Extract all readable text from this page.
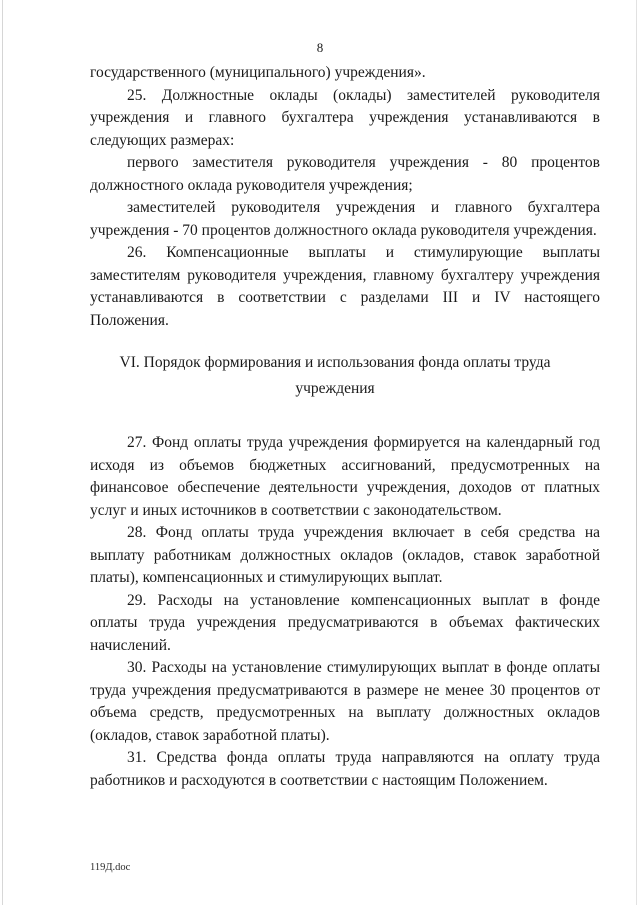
8

государственного (муниципального) учреждения».

25. Должностные оклады (оклады) заместителей руководителя учреждения и главного бухгалтера учреждения устанавливаются в следующих размерах:

первого заместителя руководителя учреждения - 80 процентов должностного оклада руководителя учреждения;

заместителей руководителя учреждения и главного бухгалтера учреждения - 70 процентов должностного оклада руководителя учреждения.

26. Компенсационные выплаты и стимулирующие выплаты заместителям руководителя учреждения, главному бухгалтеру учреждения устанавливаются в соответствии с разделами III и IV настоящего Положения.

VI. Порядок формирования и использования фонда оплаты труда
учреждения

27. Фонд оплаты труда учреждения формируется на календарный год исходя из объемов бюджетных ассигнований, предусмотренных на финансовое обеспечение деятельности учреждения, доходов от платных услуг и иных источников в соответствии с законодательством.

28. Фонд оплаты труда учреждения включает в себя средства на выплату работникам должностных окладов (окладов, ставок заработной платы), компенсационных и стимулирующих выплат.

29. Расходы на установление компенсационных выплат в фонде оплаты труда учреждения предусматриваются в объемах фактических начислений.

30. Расходы на установление стимулирующих выплат в фонде оплаты труда учреждения предусматриваются в размере не менее 30 процентов от объема средств, предусмотренных на выплату должностных окладов (окладов, ставок заработной платы).

31. Средства фонда оплаты труда направляются на оплату труда работников и расходуются в соответствии с настоящим Положением.

119Д.doc
